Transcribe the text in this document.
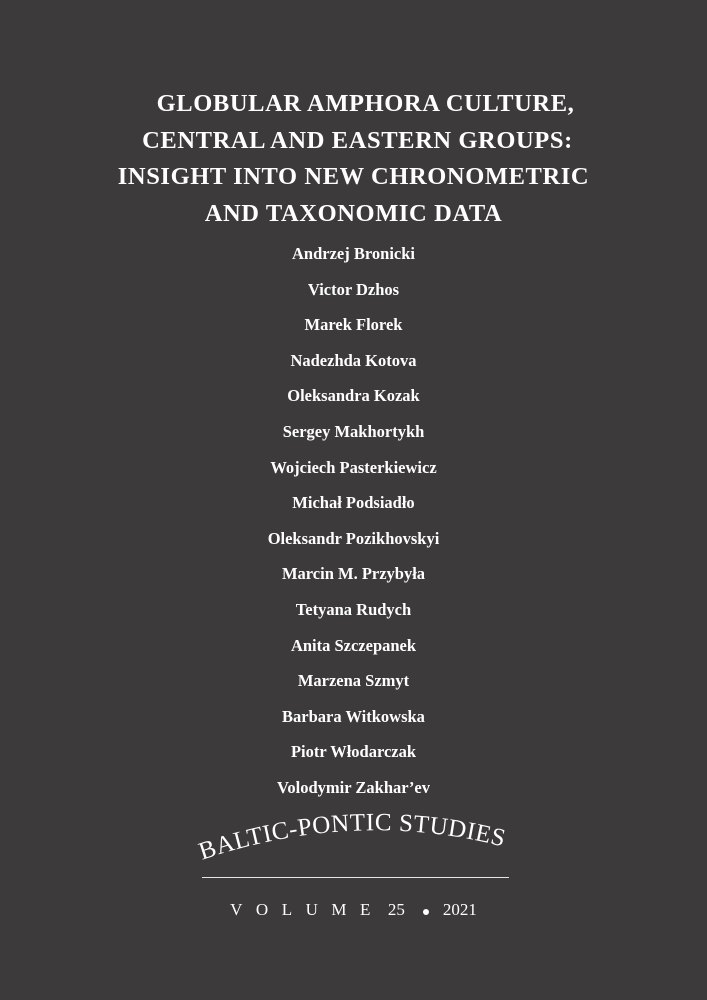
GLOBULAR AMPHORA CULTURE,
CENTRAL AND EASTERN GROUPS:
INSIGHT INTO NEW CHRONOMETRIC
AND TAXONOMIC DATA
Andrzej Bronicki
Victor Dzhos
Marek Florek
Nadezhda Kotova
Oleksandra Kozak
Sergey Makhortykh
Wojciech Pasterkiewicz
Michał Podsiadło
Oleksandr Pozikhovskyi
Marcin M. Przybyła
Tetyana Rudych
Anita Szczepanek
Marzena Szmyt
Barbara Witkowska
Piotr Włodarczak
Volodymir Zakhar’ev
BALTIC-PONTIC STUDIES
VOLUME 25 2021
